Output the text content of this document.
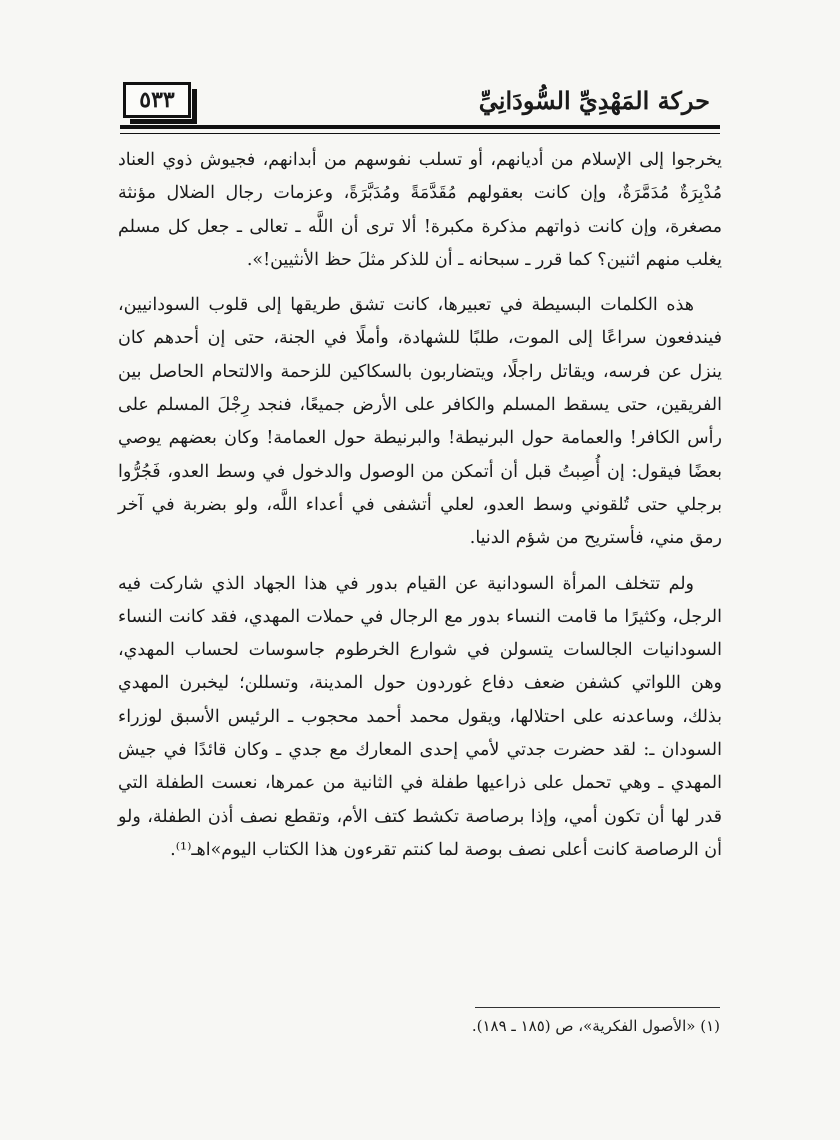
٥٣٣	حركة المَهْدِيِّ السُّودَانِيِّ

يخرجوا إلى الإسلام من أديانهم، أو تسلب نفوسهم من أبدانهم، فجيوش ذوي العناد مُدْبِرَةٌ مُدَمَّرَةٌ، وإن كانت بعقولهم مُقَدَّمَةً ومُدَبَّرَةً، وعزمات رجال الضلال مؤنثة مصغرة، وإن كانت ذواتهم مذكرة مكبرة! ألا ترى أن اللَّه ـ تعالى ـ جعل كل مسلم يغلب منهم اثنين؟ كما قرر ـ سبحانه ـ أن للذكر مثلَ حظ الأنثيين!».

هذه الكلمات البسيطة في تعبيرها، كانت تشق طريقها إلى قلوب السودانيين، فيندفعون سراعًا إلى الموت، طلبًا للشهادة، وأملًا في الجنة، حتى إن أحدهم كان ينزل عن فرسه، ويقاتل راجلًا، ويتضاربون بالسكاكين للزحمة والالتحام الحاصل بين الفريقين، حتى يسقط المسلم والكافر على الأرض جميعًا، فنجد رِجْلَ المسلم على رأس الكافر! والعمامة حول البرنيطة! والبرنيطة حول العمامة! وكان بعضهم يوصي بعضًا فيقول: إن أُصِبتُ قبل أن أتمكن من الوصول والدخول في وسط العدو، فَجُرُّوا برجلي حتى تُلقوني وسط العدو، لعلي أتشفى في أعداء اللَّه، ولو بضربة في آخر رمق مني، فأستريح من شؤم الدنيا.

ولم تتخلف المرأة السودانية عن القيام بدور في هذا الجهاد الذي شاركت فيه الرجل، وكثيرًا ما قامت النساء بدور مع الرجال في حملات المهدي، فقد كانت النساء السودانيات الجالسات يتسولن في شوارع الخرطوم جاسوسات لحساب المهدي، وهن اللواتي كشفن ضعف دفاع غوردون حول المدينة، وتسللن؛ ليخبرن المهدي بذلك، وساعدنه على احتلالها، ويقول محمد أحمد محجوب ـ الرئيس الأسبق لوزراء السودان ـ: لقد حضرت جدتي لأمي إحدى المعارك مع جدي ـ وكان قائدًا في جيش المهدي ـ وهي تحمل على ذراعيها طفلة في الثانية من عمرها، نعست الطفلة التي قدر لها أن تكون أمي، وإذا برصاصة تكشط كتف الأم، وتقطع نصف أذن الطفلة، ولو أن الرصاصة كانت أعلى نصف بوصة لما كنتم تقرءون هذا الكتاب اليوم»اهـ⁽¹⁾.

(١) «الأصول الفكرية»، ص (١٨٥ ـ ١٨٩).
